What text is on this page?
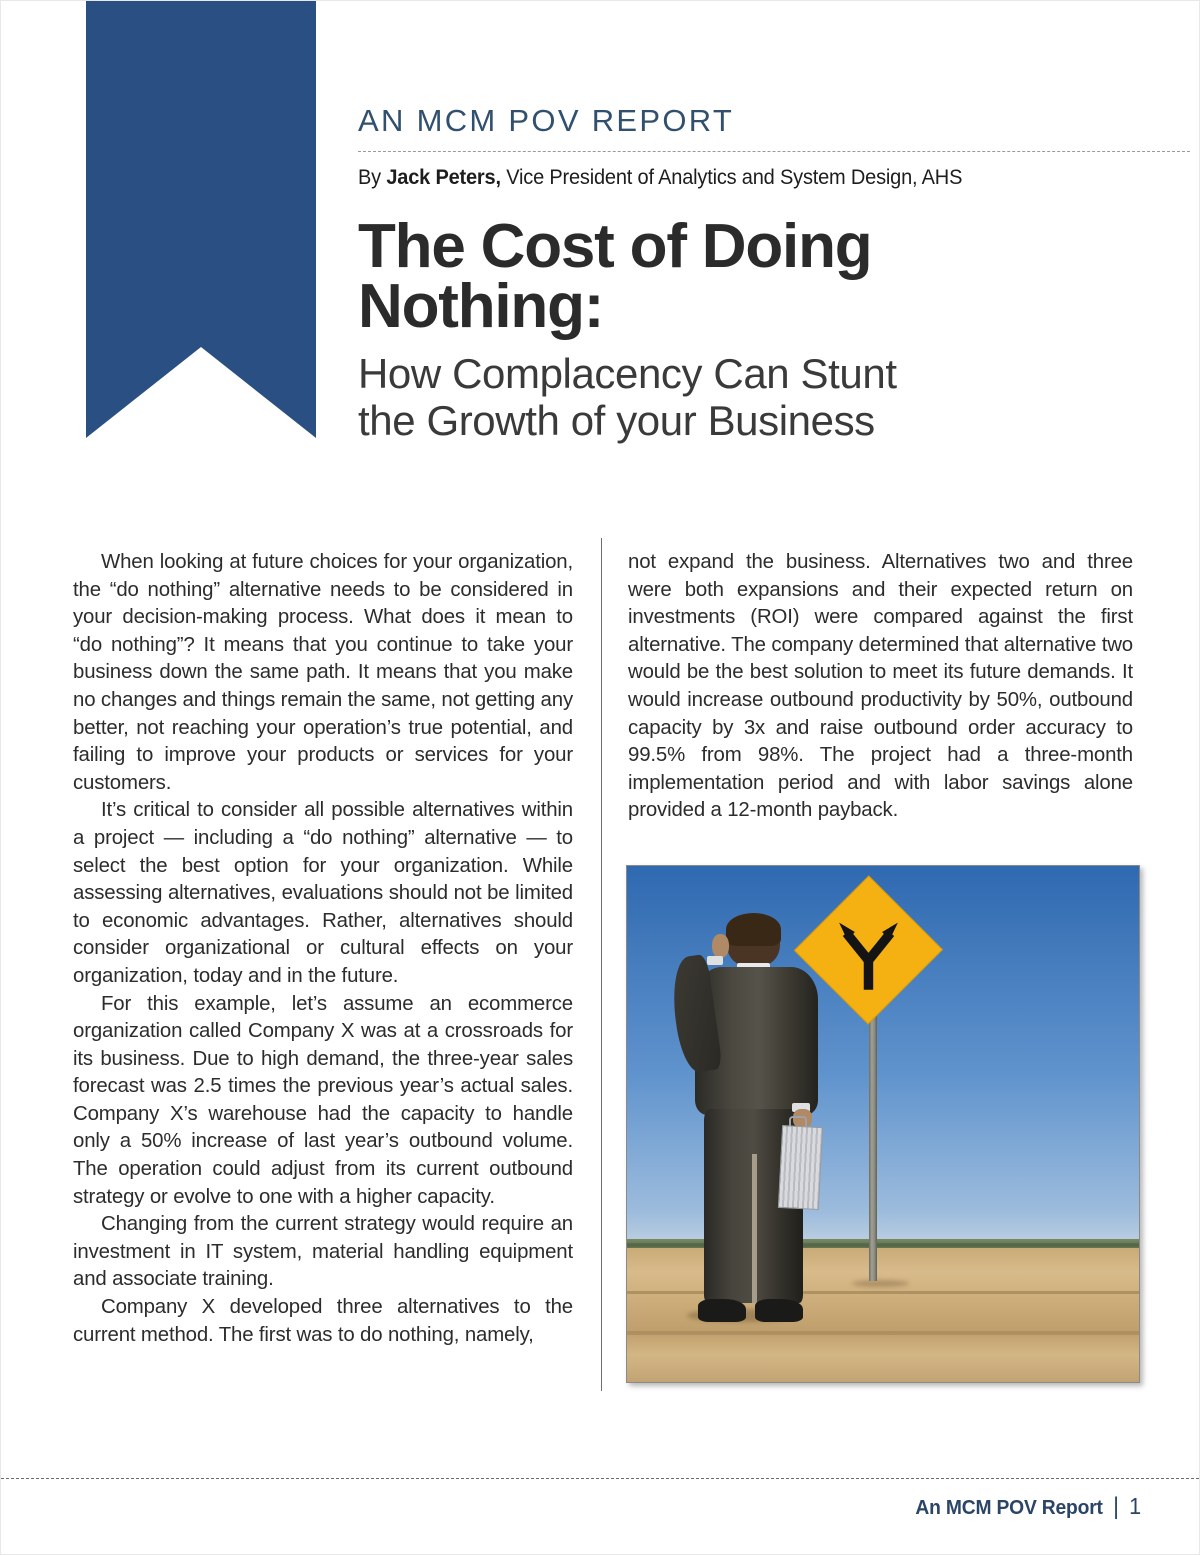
AN MCM POV REPORT
By Jack Peters, Vice President of Analytics and System Design, AHS
The Cost of Doing
Nothing:
How Complacency Can Stunt
the Growth of your Business

When looking at future choices for your organization, the “do nothing” alternative needs to be considered in your decision-making process. What does it mean to “do nothing”? It means that you continue to take your business down the same path. It means that you make no changes and things remain the same, not getting any better, not reaching your operation’s true potential, and failing to improve your products or services for your customers.

It’s critical to consider all possible alternatives within a project — including a “do nothing” alternative — to select the best option for your organization. While assessing alternatives, evaluations should not be limited to economic advantages. Rather, alternatives should consider organizational or cultural effects on your organization, today and in the future.

For this example, let’s assume an ecommerce organization called Company X was at a crossroads for its business. Due to high demand, the three-year sales forecast was 2.5 times the previous year’s actual sales. Company X’s warehouse had the capacity to handle only a 50% increase of last year’s outbound volume. The operation could adjust from its current outbound strategy or evolve to one with a higher capacity.

Changing from the current strategy would require an investment in IT system, material handling equipment and associate training.

Company X developed three alternatives to the current method. The first was to do nothing, namely,

not expand the business. Alternatives two and three were both expansions and their expected return on investments (ROI) were compared against the first alternative. The company determined that alternative two would be the best solution to meet its future demands. It would increase outbound productivity by 50%, outbound capacity by 3x and raise outbound order accuracy to 99.5% from 98%. The project had a three-month implementation period and with labor savings alone provided a 12-month payback.

An MCM POV Report | 1
